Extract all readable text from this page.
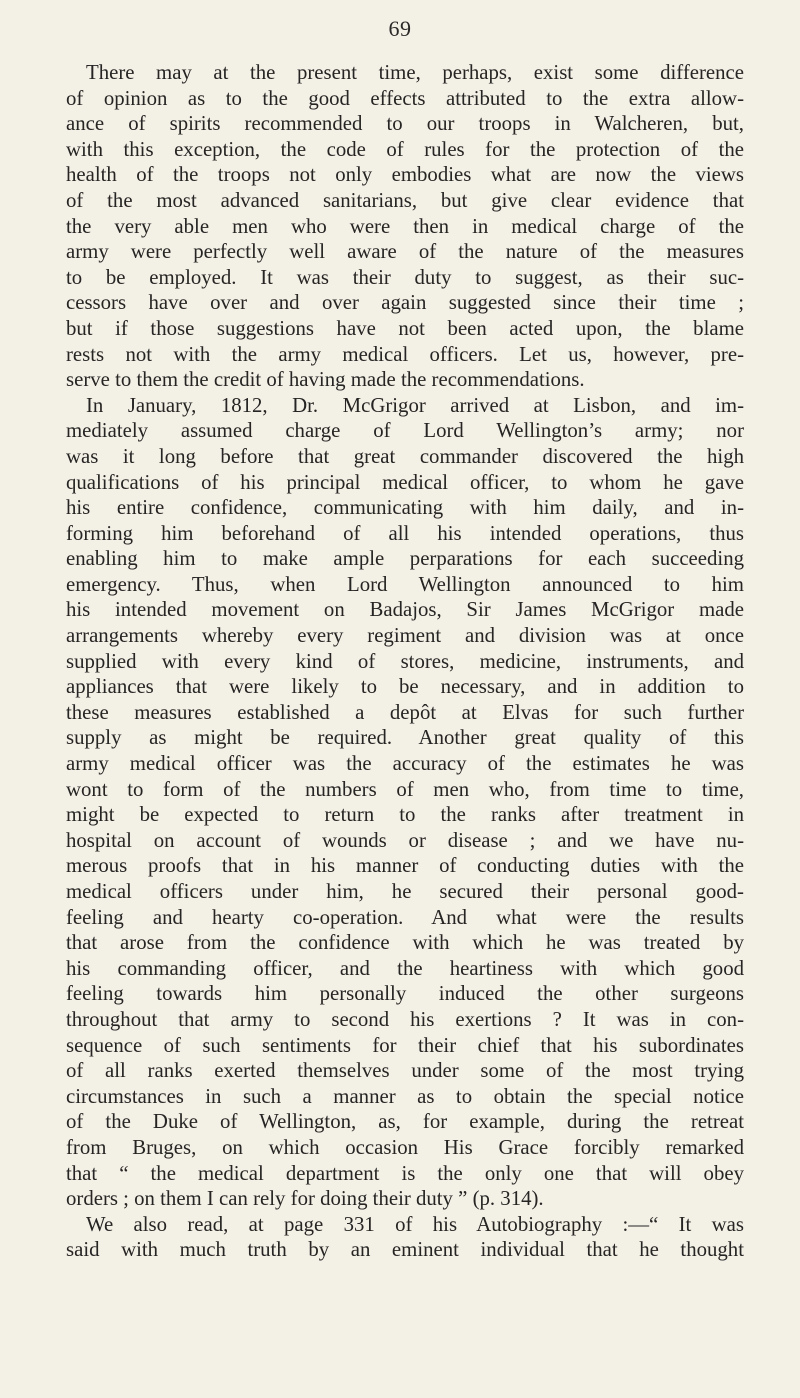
69
There may at the present time, perhaps, exist some difference
of opinion as to the good effects attributed to the extra allow-
ance of spirits recommended to our troops in Walcheren, but,
with this exception, the code of rules for the protection of the
health of the troops not only embodies what are now the views
of the most advanced sanitarians, but give clear evidence that
the very able men who were then in medical charge of the
army were perfectly well aware of the nature of the measures
to be employed. It was their duty to suggest, as their suc-
cessors have over and over again suggested since their time ;
but if those suggestions have not been acted upon, the blame
rests not with the army medical officers. Let us, however, pre-
serve to them the credit of having made the recommendations.
In January, 1812, Dr. McGrigor arrived at Lisbon, and im-
mediately assumed charge of Lord Wellington’s army; nor
was it long before that great commander discovered the high
qualifications of his principal medical officer, to whom he gave
his entire confidence, communicating with him daily, and in-
forming him beforehand of all his intended operations, thus
enabling him to make ample perparations for each succeeding
emergency. Thus, when Lord Wellington announced to him
his intended movement on Badajos, Sir James McGrigor made
arrangements whereby every regiment and division was at once
supplied with every kind of stores, medicine, instruments, and
appliances that were likely to be necessary, and in addition to
these measures established a depôt at Elvas for such further
supply as might be required. Another great quality of this
army medical officer was the accuracy of the estimates he was
wont to form of the numbers of men who, from time to time,
might be expected to return to the ranks after treatment in
hospital on account of wounds or disease ; and we have nu-
merous proofs that in his manner of conducting duties with the
medical officers under him, he secured their personal good-
feeling and hearty co-operation. And what were the results
that arose from the confidence with which he was treated by
his commanding officer, and the heartiness with which good
feeling towards him personally induced the other surgeons
throughout that army to second his exertions ? It was in con-
sequence of such sentiments for their chief that his subordinates
of all ranks exerted themselves under some of the most trying
circumstances in such a manner as to obtain the special notice
of the Duke of Wellington, as, for example, during the retreat
from Bruges, on which occasion His Grace forcibly remarked
that “ the medical department is the only one that will obey
orders ; on them I can rely for doing their duty ” (p. 314).
We also read, at page 331 of his Autobiography :—“ It was
said with much truth by an eminent individual that he thought
